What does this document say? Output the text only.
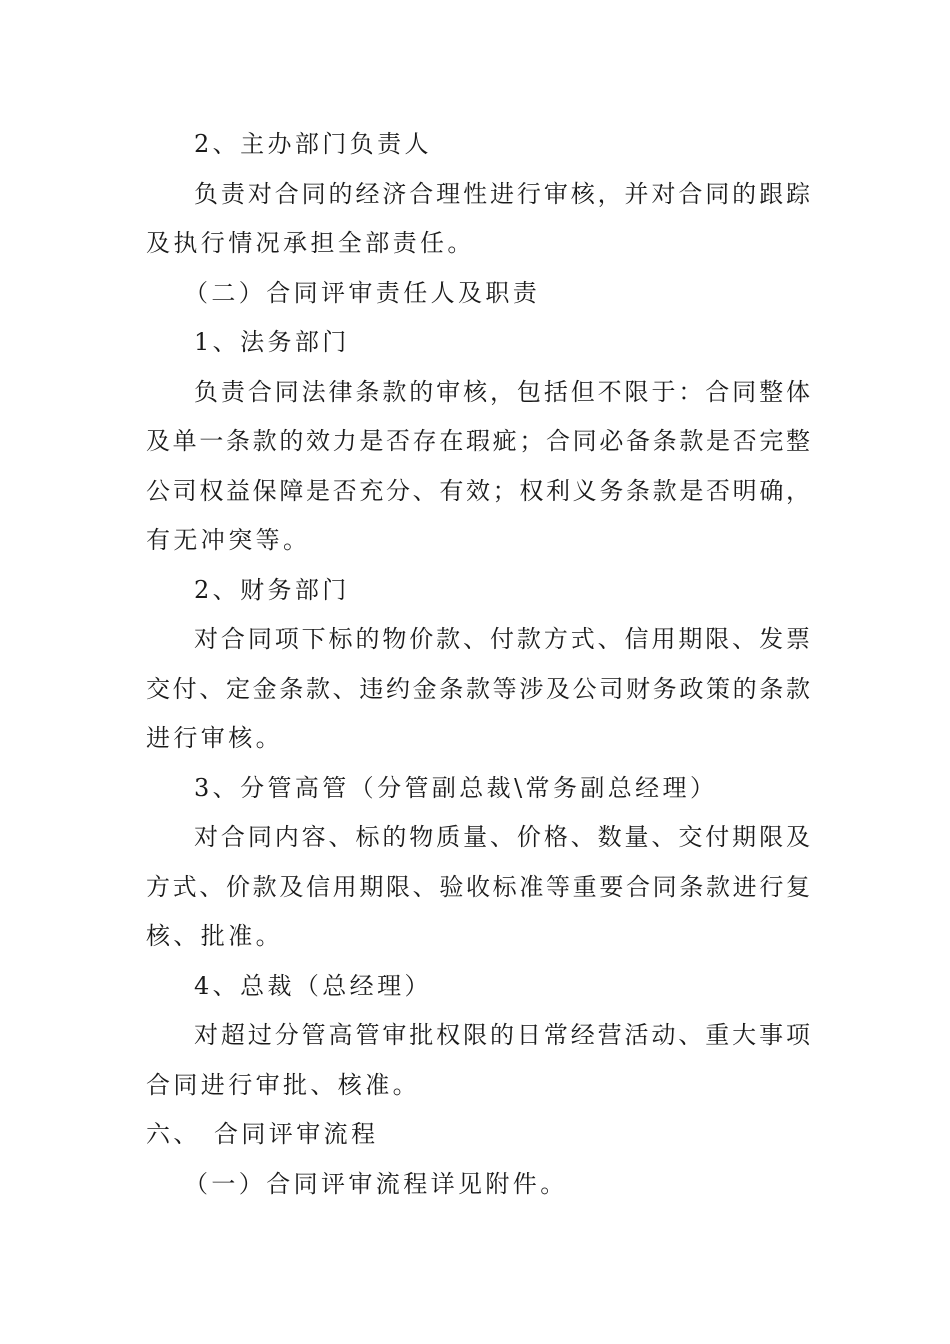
2、主办部门负责人
负责对合同的经济合理性进行审核，并对合同的跟踪
及执行情况承担全部责任。
（二）合同评审责任人及职责
1、法务部门
负责合同法律条款的审核，包括但不限于：合同整体
及单一条款的效力是否存在瑕疵；合同必备条款是否完整
公司权益保障是否充分、有效；权利义务条款是否明确，
有无冲突等。
2、财务部门
对合同项下标的物价款、付款方式、信用期限、发票
交付、定金条款、违约金条款等涉及公司财务政策的条款
进行审核。
3、分管高管（分管副总裁\常务副总经理）
对合同内容、标的物质量、价格、数量、交付期限及
方式、价款及信用期限、验收标准等重要合同条款进行复
核、批准。
4、总裁（总经理）
对超过分管高管审批权限的日常经营活动、重大事项
合同进行审批、核准。
六、 合同评审流程
（一）合同评审流程详见附件。
